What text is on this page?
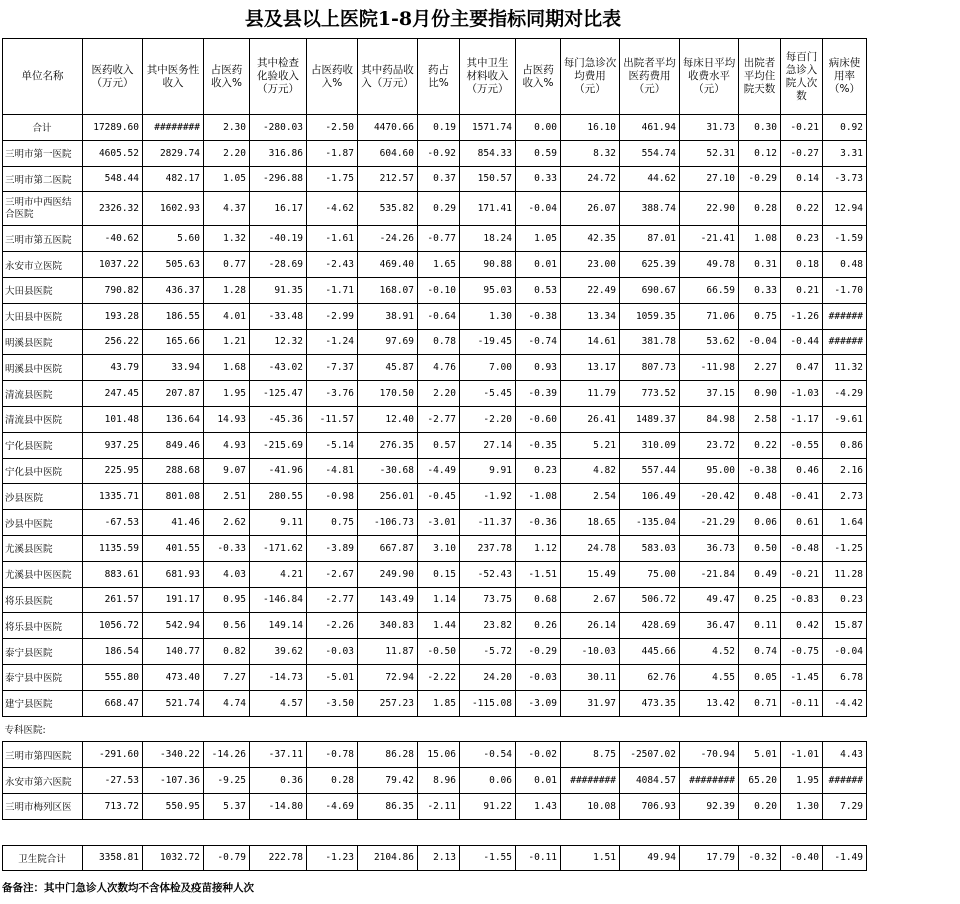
县及县以上医院1-8月份主要指标同期对比表
单位名称	医药收入（万元）	其中医务性收入	占医药收入%	其中检查化验收入（万元）	占医药收入%	其中药品收入（万元）	药占比%	其中卫生材料收入（万元）	占医药收入%	每门急诊次均费用（元）	出院者平均医药费用（元）	每床日平均收费水平（元）	出院者平均住院天数	每百门急诊入院人次数	病床使用率（%）
合计	17289.60	########	2.30	-280.03	-2.50	4470.66	0.19	1571.74	0.00	16.10	461.94	31.73	0.30	-0.21	0.92
三明市第一医院	4605.52	2829.74	2.20	316.86	-1.87	604.60	-0.92	854.33	0.59	8.32	554.74	52.31	0.12	-0.27	3.31
三明市第二医院	548.44	482.17	1.05	-296.88	-1.75	212.57	0.37	150.57	0.33	24.72	44.62	27.10	-0.29	0.14	-3.73
三明市中西医结合医院	2326.32	1602.93	4.37	16.17	-4.62	535.82	0.29	171.41	-0.04	26.07	388.74	22.90	0.28	0.22	12.94
三明市第五医院	-40.62	5.60	1.32	-40.19	-1.61	-24.26	-0.77	18.24	1.05	42.35	87.01	-21.41	1.08	0.23	-1.59
永安市立医院	1037.22	505.63	0.77	-28.69	-2.43	469.40	1.65	90.88	0.01	23.00	625.39	49.78	0.31	0.18	0.48
大田县医院	790.82	436.37	1.28	91.35	-1.71	168.07	-0.10	95.03	0.53	22.49	690.67	66.59	0.33	0.21	-1.70
大田县中医院	193.28	186.55	4.01	-33.48	-2.99	38.91	-0.64	1.30	-0.38	13.34	1059.35	71.06	0.75	-1.26	######
明溪县医院	256.22	165.66	1.21	12.32	-1.24	97.69	0.78	-19.45	-0.74	14.61	381.78	53.62	-0.04	-0.44	######
明溪县中医院	43.79	33.94	1.68	-43.02	-7.37	45.87	4.76	7.00	0.93	13.17	807.73	-11.98	2.27	0.47	11.32
清流县医院	247.45	207.87	1.95	-125.47	-3.76	170.50	2.20	-5.45	-0.39	11.79	773.52	37.15	0.90	-1.03	-4.29
清流县中医院	101.48	136.64	14.93	-45.36	-11.57	12.40	-2.77	-2.20	-0.60	26.41	1489.37	84.98	2.58	-1.17	-9.61
宁化县医院	937.25	849.46	4.93	-215.69	-5.14	276.35	0.57	27.14	-0.35	5.21	310.09	23.72	0.22	-0.55	0.86
宁化县中医院	225.95	288.68	9.07	-41.96	-4.81	-30.68	-4.49	9.91	0.23	4.82	557.44	95.00	-0.38	0.46	2.16
沙县医院	1335.71	801.08	2.51	280.55	-0.98	256.01	-0.45	-1.92	-1.08	2.54	106.49	-20.42	0.48	-0.41	2.73
沙县中医院	-67.53	41.46	2.62	9.11	0.75	-106.73	-3.01	-11.37	-0.36	18.65	-135.04	-21.29	0.06	0.61	1.64
尤溪县医院	1135.59	401.55	-0.33	-171.62	-3.89	667.87	3.10	237.78	1.12	24.78	583.03	36.73	0.50	-0.48	-1.25
尤溪县中医医院	883.61	681.93	4.03	4.21	-2.67	249.90	0.15	-52.43	-1.51	15.49	75.00	-21.84	0.49	-0.21	11.28
将乐县医院	261.57	191.17	0.95	-146.84	-2.77	143.49	1.14	73.75	0.68	2.67	506.72	49.47	0.25	-0.83	0.23
将乐县中医院	1056.72	542.94	0.56	149.14	-2.26	340.83	1.44	23.82	0.26	26.14	428.69	36.47	0.11	0.42	15.87
泰宁县医院	186.54	140.77	0.82	39.62	-0.03	11.87	-0.50	-5.72	-0.29	-10.03	445.66	4.52	0.74	-0.75	-0.04
泰宁县中医院	555.80	473.40	7.27	-14.73	-5.01	72.94	-2.22	24.20	-0.03	30.11	62.76	4.55	0.05	-1.45	6.78
建宁县医院	668.47	521.74	4.74	4.57	-3.50	257.23	1.85	-115.08	-3.09	31.97	473.35	13.42	0.71	-0.11	-4.42
专科医院:															
三明市第四医院	-291.60	-340.22	-14.26	-37.11	-0.78	86.28	15.06	-0.54	-0.02	8.75	-2507.02	-70.94	5.01	-1.01	4.43
永安市第六医院	-27.53	-107.36	-9.25	0.36	0.28	79.42	8.96	0.06	0.01	########	4084.57	########	65.20	1.95	######
三明市梅列区医	713.72	550.95	5.37	-14.80	-4.69	86.35	-2.11	91.22	1.43	10.08	706.93	92.39	0.20	1.30	7.29

卫生院合计	3358.81	1032.72	-0.79	222.78	-1.23	2104.86	2.13	-1.55	-0.11	1.51	49.94	17.79	-0.32	-0.40	-1.49
备备注：其中门急诊人次数均不含体检及疫苗接种人次
